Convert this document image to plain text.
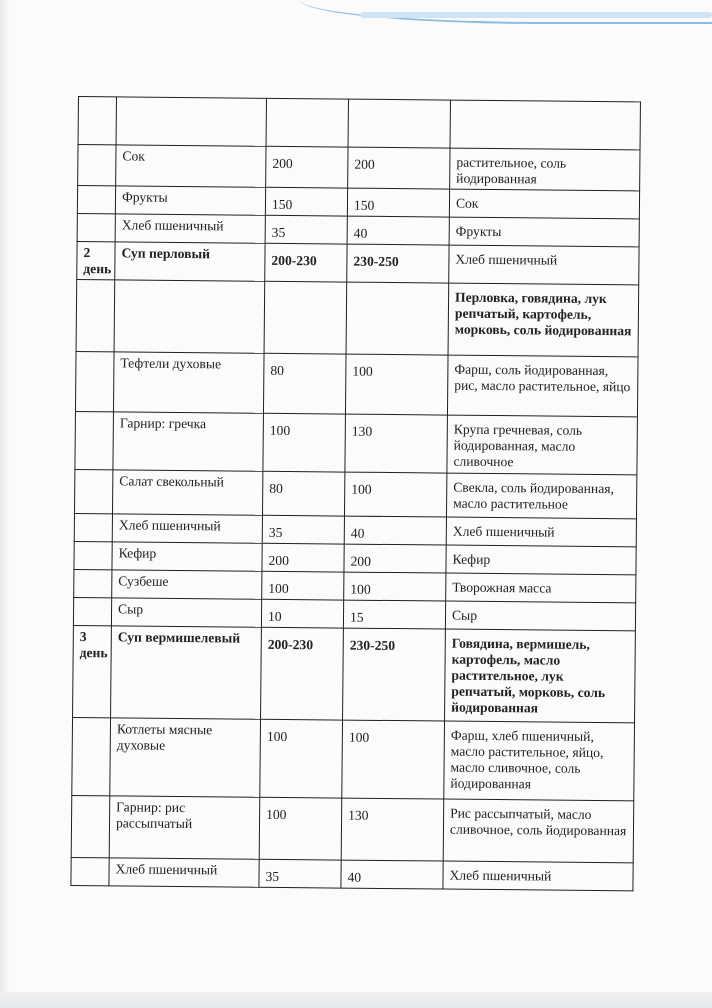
	Сок	200	200	растительное, соль йодированная
	Фрукты	150	150	Сок
	Хлеб пшеничный	35	40	Фрукты
2 день	Суп перловый	200-230	230-250	Хлеб пшеничный
				Перловка, говядина, лук репчатый, картофель, морковь, соль йодированная
	Тефтели духовые	80	100	Фарш, соль йодированная, рис, масло растительное, яйцо
	Гарнир: гречка	100	130	Крупа гречневая, соль йодированная, масло сливочное
	Салат свекольный	80	100	Свекла, соль йодированная, масло растительное
	Хлеб пшеничный	35	40	Хлеб пшеничный
	Кефир	200	200	Кефир
	Сузбеше	100	100	Творожная масса
	Сыр	10	15	Сыр
3 день	Суп вермишелевый	200-230	230-250	Говядина, вермишель, картофель, масло растительное, лук репчатый, морковь, соль йодированная
	Котлеты мясные духовые	100	100	Фарш, хлеб пшеничный, масло растительное, яйцо, масло сливочное, соль йодированная
	Гарнир: рис рассыпчатый	100	130	Рис рассыпчатый, масло сливочное, соль йодированная
	Хлеб пшеничный	35	40	Хлеб пшеничный
